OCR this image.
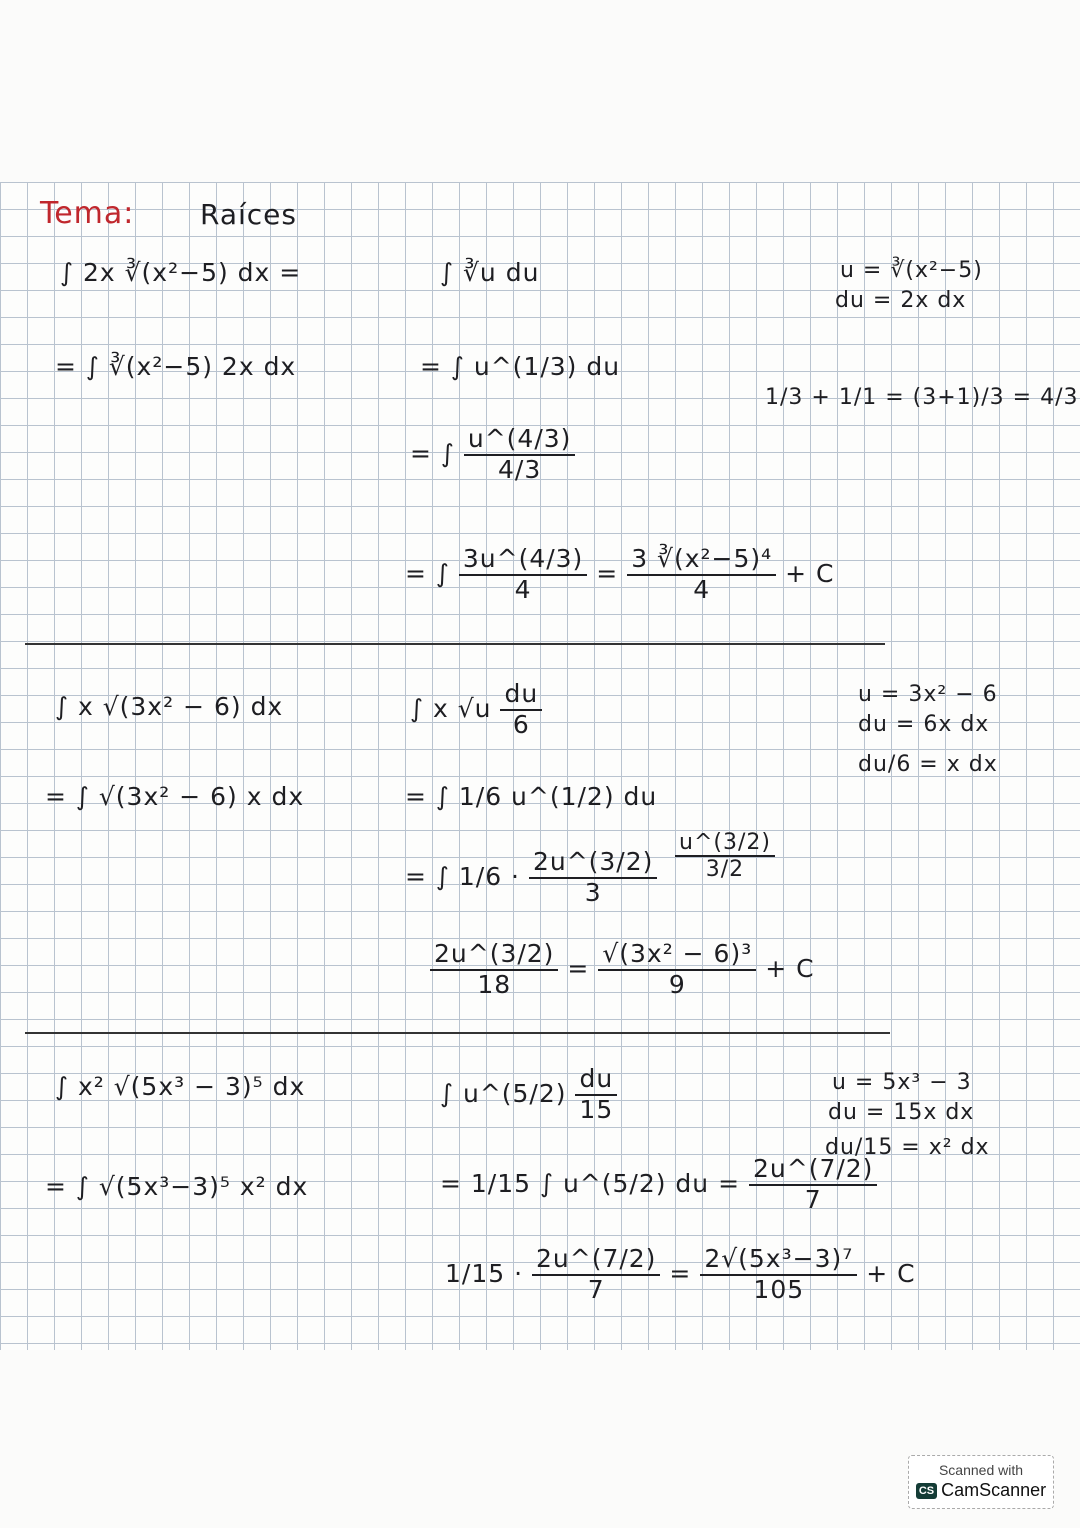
Tema: Raíces
∫ 2x ∛(x²−5) dx =
= ∫ ∛(x²−5) 2x dx
∫ ∛u du
= ∫ u^(1/3) du
= ∫ $\frac{u\^{}(4/3)}{4/3}$
= ∫ $\frac{3u\^{}(4/3)}{4} = \frac{\text{3 ∛(x²−5)⁴}}{4} + C$
u = ∛(x²−5)
du = 2x dx
1/3 + 1/1 = (3+1)/3 = 4/3
∫ x √(3x² − 6) dx
= ∫ √(3x² − 6) x dx
∫ x $√u \frac{du}{6}$
= ∫ 1/6 u^(1/2) du
= ∫ $1/6 \cdot \frac{2u\^{}(3/2)}{3} \frac{u\^{}(3/2)}{3/2}$
$\frac{2u\^{}(3/2)}{18} = \frac{\text{√(3x² − 6)³}}{9} + C$
u = 3x² − 6
du = 6x dx
du/6 = x dx
∫ x² √(5x³ − 3)⁵ dx
= ∫ √(5x³−3)⁵ x² dx
∫ u^(5/2) $\frac{du}{15}$
= 1/15 ∫ u^(5/2) du = $\frac{2u\^{}(7/2)}{7}$
$1/15 \cdot \frac{2u\^{}(7/2)}{7} = \frac{\text{2√(5x³−3)⁷}}{105} + C$
u = 5x³ − 3
du = 15x dx
du/15 = x² dx
Scanned with
CS CamScanner
